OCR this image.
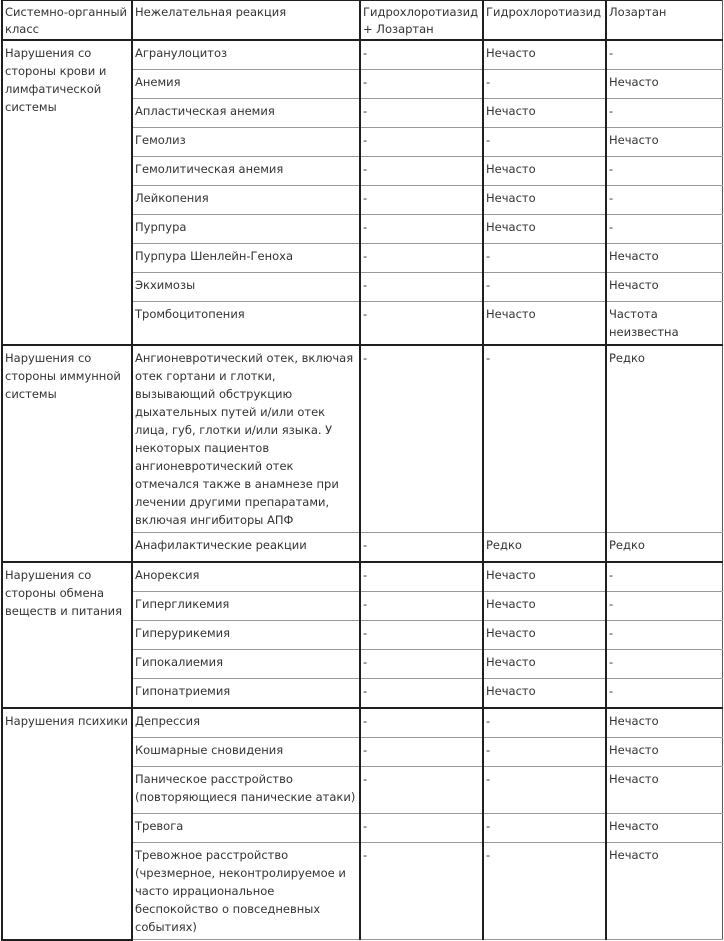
Системно-органный класс	Нежелательная реакция	Гидрохлоротиазид + Лозартан	Гидрохлоротиазид	Лозартан

Нарушения со стороны крови и лимфатической системы	Агранулоцитоз	-	Нечасто	-
	Анемия	-	-	Нечасто
	Апластическая анемия	-	Нечасто	-
	Гемолиз	-	-	Нечасто
	Гемолитическая анемия	-	Нечасто	-
	Лейкопения	-	Нечасто	-
	Пурпура	-	Нечасто	-
	Пурпура Шенлейн-Геноха	-	-	Нечасто
	Экхимозы	-	-	Нечасто
	Тромбоцитопения	-	Нечасто	Частота неизвестна

Нарушения со стороны иммунной системы	Ангионевротический отек, включая отек гортани и глотки, вызывающий обструкцию дыхательных путей и/или отек лица, губ, глотки и/или языка. У некоторых пациентов ангионевротический отек отмечался также в анамнезе при лечении другими препаратами, включая ингибиторы АПФ	-	-	Редко
	Анафилактические реакции	-	Редко	Редко

Нарушения со стороны обмена веществ и питания	Анорексия	-	Нечасто	-
	Гипергликемия	-	Нечасто	-
	Гиперурикемия	-	Нечасто	-
	Гипокалиемия	-	Нечасто	-
	Гипонатриемия	-	Нечасто	-

Нарушения психики	Депрессия	-	-	Нечасто
	Кошмарные сновидения	-	-	Нечасто
	Паническое расстройство (повторяющиеся панические атаки)	-	-	Нечасто
	Тревога	-	-	Нечасто
	Тревожное расстройство (чрезмерное, неконтролируемое и часто иррациональное беспокойство о повседневных событиях)	-	-	Нечасто
